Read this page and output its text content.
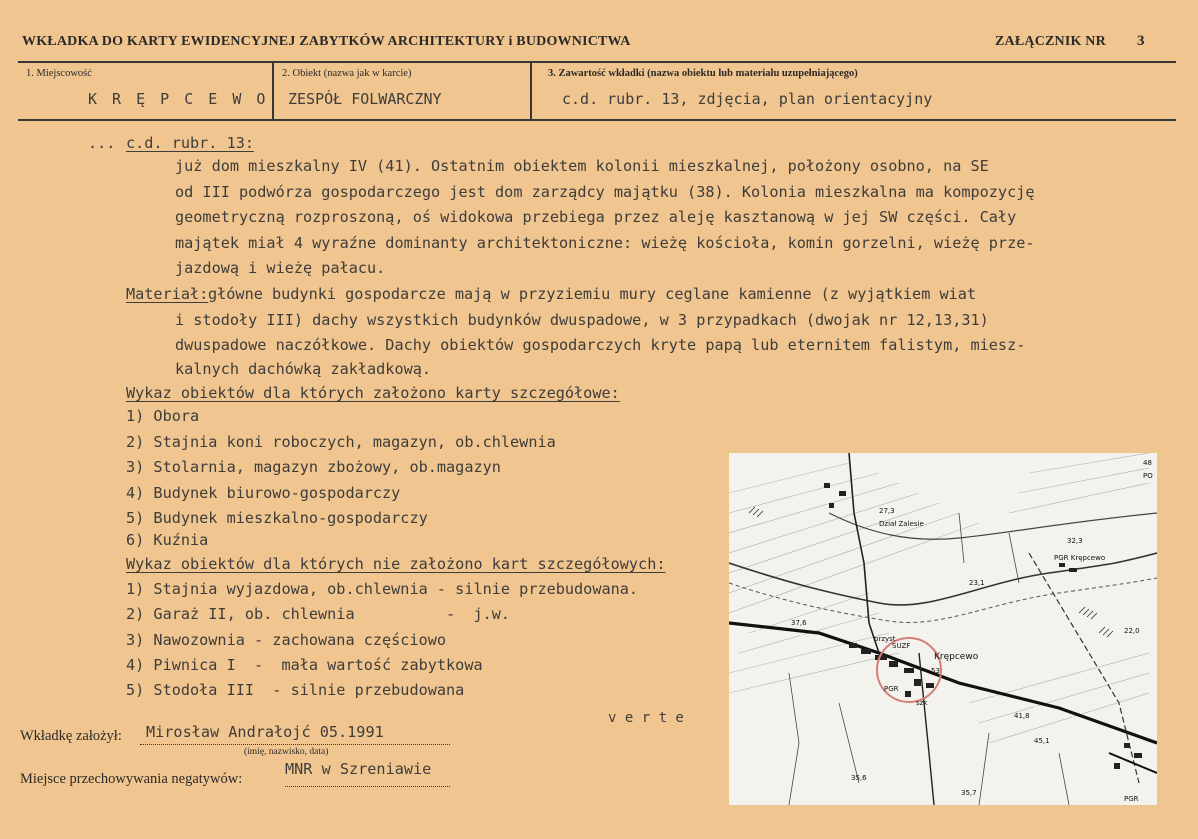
WKŁADKA DO KARTY EWIDENCYJNEJ ZABYTKÓW ARCHITEKTURY i BUDOWNICTWA	ZAŁĄCZNIK NR 3
1. Miejscowość
K R Ę P C E W O
2. Obiekt (nazwa jak w karcie)
ZESPÓŁ FOLWARCZNY
3. Zawartość wkładki (nazwa obiektu lub materiału uzupełniającego)
c.d. rubr. 13, zdjęcia, plan orientacyjny
... c.d. rubr. 13:
już dom mieszkalny IV (41). Ostatnim obiektem kolonii mieszkalnej, położony osobno, na SE
od III podwórza gospodarczego jest dom zarządcy majątku (38). Kolonia mieszkalna ma kompozycję
geometryczną rozproszoną, oś widokowa przebiega przez aleję kasztanową w jej SW części. Cały
majątek miał 4 wyraźne dominanty architektoniczne: wieżę kościoła, komin gorzelni, wieżę prze-
jazdową i wieżę pałacu.
Materiał: główne budynki gospodarcze mają w przyziemiu mury ceglane kamienne (z wyjątkiem wiat
i stodoły III) dachy wszystkich budynków dwuspadowe, w 3 przypadkach (dwojak nr 12,13,31)
dwuspadowe naczółkowe. Dachy obiektów gospodarczych kryte papą lub eternitem falistym, miesz-
kalnych dachówką zakładkową.
Wykaz obiektów dla których założono karty szczegółowe:
1) Obora
2) Stajnia koni roboczych, magazyn, ob.chlewnia
3) Stolarnia, magazyn zbożowy, ob.magazyn
4) Budynek biurowo-gospodarczy
5) Budynek mieszkalno-gospodarczy
6) Kuźnia
Wykaz obiektów dla których nie założono kart szczegółowych:
1) Stajnia wyjazdowa, ob.chlewnia - silnie przebudowana.
2) Garaż II, ob. chlewnia          -  j.w.
3) Nawozownia - zachowana częściowo
4) Piwnica I  -  mała wartość zabytkowa
5) Stodoła III  - silnie przebudowana
v e r t e
Wkładkę założył: Mirosław Andrałojć 05.1991
(imię, nazwisko, data)
Miejsce przechowywania negatywów:
MNR w Szreniawie
Krępcewo
PGR Krępcewo
PGR
PGR
przyst
SUZF
szk
Dział Zalesie
27,3
32,3
23,1
22,0
37,6
41,8
45,1
35,6
35,7
53
48
PO
